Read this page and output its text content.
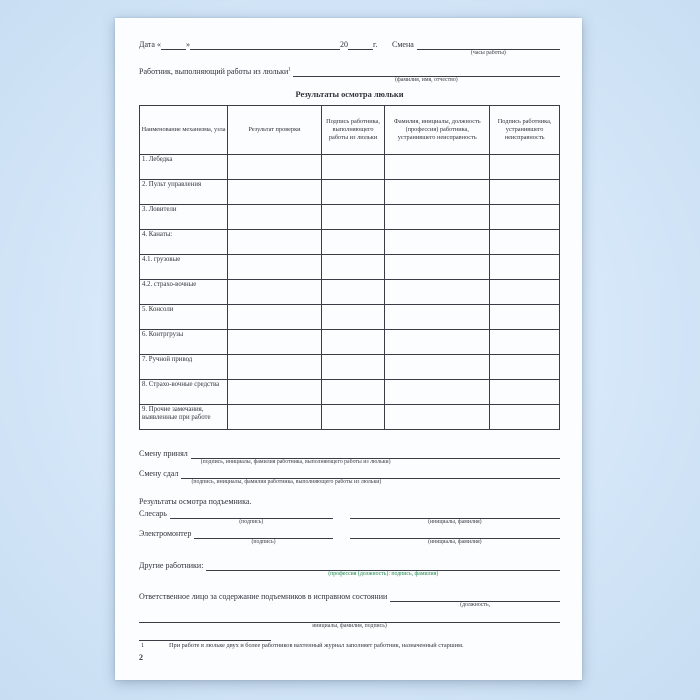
Дата «	»	20	г. Смена
(часы работы)
Работник, выполняющий работы из люльки$^1$
(фамилия, имя, отчество)
Результаты осмотра люльки
Наименование механизма, узла	Результат проверки	Подпись работника, выполняющего работы из люльки	Фамилия, инициалы, должность (профессия) работника, устранившего неисправность	Подпись работника, устранившего неисправность
1. Лебедка				
2. Пульт управления				
3. Ловители				
4. Канаты:				
4.1. грузовые				
4.2. страхо-вочные				
5. Консоли				
6. Контргрузы				
7. Ручной привод				
8. Страхо-вочные средства				
9. Прочие замечания, выявленные при работе				
Смену принял
(подпись, инициалы, фамилия работника, выполняющего работы из люльки)
Смену сдал
(подпись, инициалы, фамилия работника, выполняющего работы из люльки)
Результаты осмотра подъемника.
Слесарь
(подпись)	(инициалы, фамилия)
Электромонтер
(подпись)	(инициалы, фамилия)
Другие работники:
(профессия (должность): подпись, фамилия)
Ответственное лицо за содержание подъемников в исправном состоянии
(должность,
инициалы, фамилия, подпись)
1	При работе в люльке двух и более работников вахтенный журнал заполняет работник, назначенный старшим.
2
